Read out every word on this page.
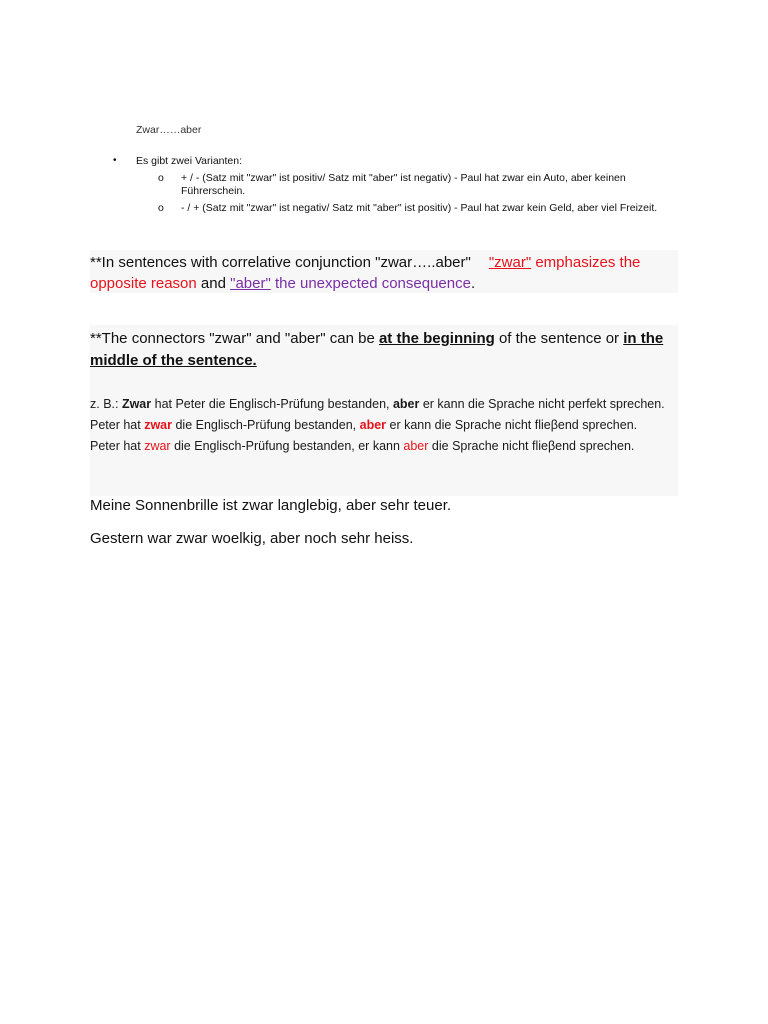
Zwar……aber
• Es gibt zwei Varianten:
o + / - (Satz mit "zwar" ist positiv/ Satz mit "aber" ist negativ) - Paul hat zwar ein Auto, aber keinen Führerschein.
o - / + (Satz mit "zwar" ist negativ/ Satz mit "aber" ist positiv) - Paul hat zwar kein Geld, aber viel Freizeit.
**In sentences with correlative conjunction "zwar…..aber" "zwar" emphasizes the opposite reason and "aber" the unexpected consequence.
**The connectors "zwar" and "aber" can be at the beginning of the sentence or in the middle of the sentence.
z. B.: Zwar hat Peter die Englisch-Prüfung bestanden, aber er kann die Sprache nicht perfekt sprechen.
Peter hat zwar die Englisch-Prüfung bestanden, aber er kann die Sprache nicht flieβend sprechen.
Peter hat zwar die Englisch-Prüfung bestanden, er kann aber die Sprache nicht flieβend sprechen.
Meine Sonnenbrille ist zwar langlebig, aber sehr teuer.
Gestern war zwar woelkig, aber noch sehr heiss.
